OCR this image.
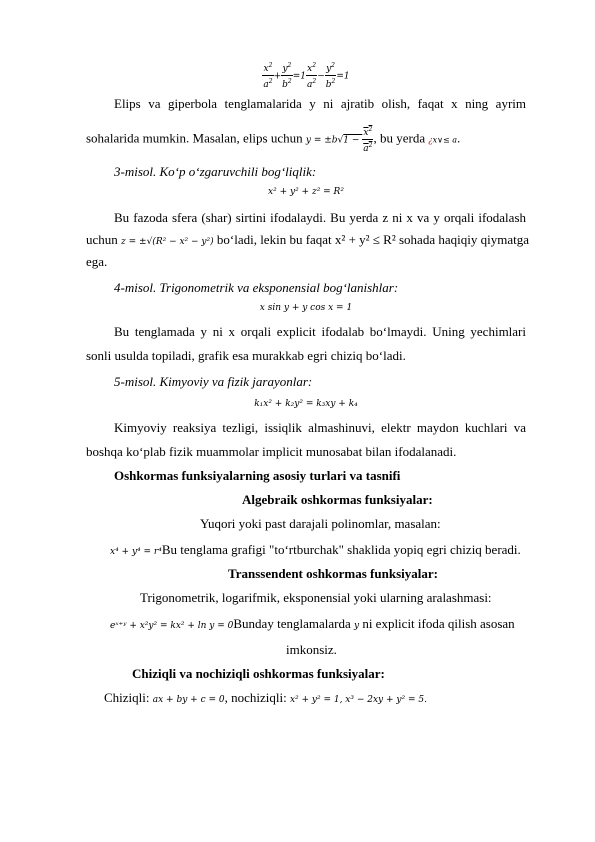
$\frac{x^2}{a^2} + \frac{y^2}{b^2} =1 \frac{x^2}{a^2} - \frac{y^2}{b^2} =1$
Elips va giperbola tenglamalarida y ni ajratib olish, faqat x ning ayrim
sohalarida mumkin. Masalan, elips uchun $y = \pm b√1 - \frac{x^2}{a^2}$ , bu yerda ¿x∨≤ a.
3-misol. Ko‘p o‘zgaruvchili bog‘liqlik:
x² + y² + z² = R²
Bu fazoda sfera (shar) sirtini ifodalaydi. Bu yerda z ni x va y orqali ifodalash
uchun z = ±√(R² − x² − y²) bo‘ladi, lekin bu faqat x² + y² ≤ R² sohada haqiqiy qiymatga
ega.
4-misol. Trigonometrik va eksponensial bog‘lanishlar:
x sin y + y cos x = 1
Bu tenglamada y ni x orqali explicit ifodalab bo‘lmaydi. Uning yechimlari
sonli usulda topiladi, grafik esa murakkab egri chiziq bo‘ladi.
5-misol. Kimyoviy va fizik jarayonlar:
k₁x² + k₂y² = k₃xy + k₄
Kimyoviy reaksiya tezligi, issiqlik almashinuvi, elektr maydon kuchlari va
boshqa ko‘plab fizik muammolar implicit munosabat bilan ifodalanadi.
Oshkormas funksiyalarning asosiy turlari va tasnifi
Algebraik oshkormas funksiyalar:
Yuqori yoki past darajali polinomlar, masalan:
x⁴ + y⁴ = r⁴Bu tenglama grafigi "to‘rtburchak" shaklida yopiq egri chiziq beradi.
Transsendent oshkormas funksiyalar:
Trigonometrik, logarifmik, eksponensial yoki ularning aralashmasi:
eˣ⁺ʸ + x²y² = kx² + ln y = 0Bunday tenglamalarda y ni explicit ifoda qilish asosan
imkonsiz.
Chiziqli va nochiziqli oshkormas funksiyalar:
Chiziqli: ax + by + c = 0, nochiziqli: x² + y² = 1, x³ − 2xy + y² = 5.
